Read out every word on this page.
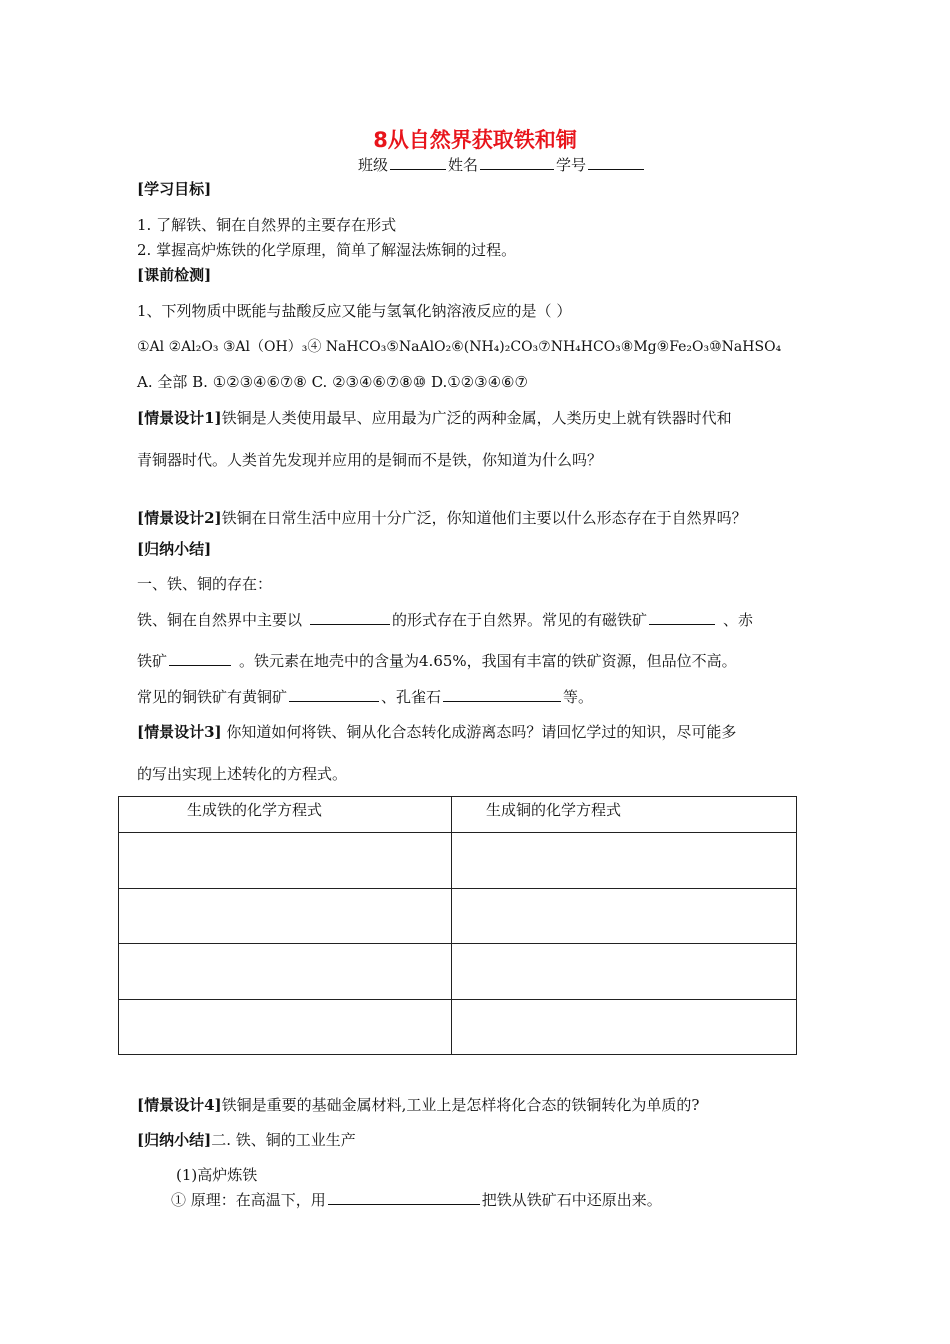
8从自然界获取铁和铜
班级	姓名	学号
[学习目标]
1. 了解铁、铜在自然界的主要存在形式
2. 掌握高炉炼铁的化学原理，简单了解湿法炼铜的过程。
[课前检测]
1、下列物质中既能与盐酸反应又能与氢氧化钠溶液反应的是（ ）
①Al ②Al₂O₃ ③Al（OH）₃④ NaHCO₃⑤NaAlO₂⑥(NH₄)₂CO₃⑦NH₄HCO₃⑧Mg⑨Fe₂O₃⑩NaHSO₄
A. 全部 B. ①②③④⑥⑦⑧ C. ②③④⑥⑦⑧⑩ D.①②③④⑥⑦
[情景设计1]铁铜是人类使用最早、应用最为广泛的两种金属，人类历史上就有铁器时代和
青铜器时代。人类首先发现并应用的是铜而不是铁，你知道为什么吗？
[情景设计2]铁铜在日常生活中应用十分广泛，你知道他们主要以什么形态存在于自然界吗？
[归纳小结]
一、铁、铜的存在：
铁、铜在自然界中主要以	的形式存在于自然界。常见的有磁铁矿	、赤
铁矿	。铁元素在地壳中的含量为4.65%，我国有丰富的铁矿资源，但品位不高。
常见的铜铁矿有黄铜矿	、孔雀石	等。
[情景设计3] 你知道如何将铁、铜从化合态转化成游离态吗？请回忆学过的知识，尽可能多
的写出实现上述转化的方程式。
生成铁的化学方程式	生成铜的化学方程式

[情景设计4]铁铜是重要的基础金属材料,工业上是怎样将化合态的铁铜转化为单质的?
[归纳小结]二. 铁、铜的工业生产
(1)高炉炼铁
① 原理：在高温下，用	把铁从铁矿石中还原出来。
